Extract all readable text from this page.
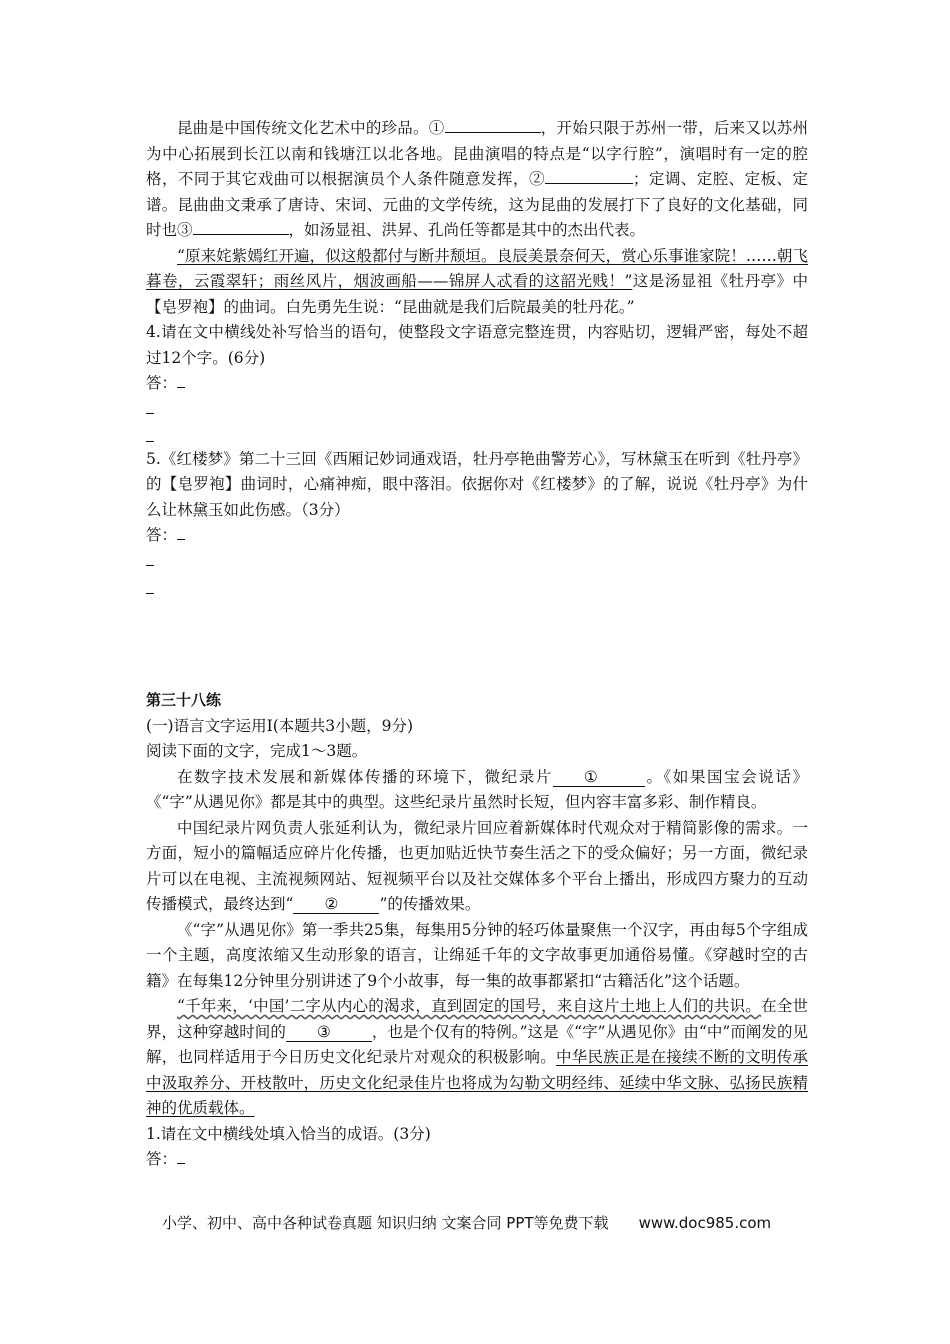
昆曲是中国传统文化艺术中的珍品。①	，开始只限于苏州一带，后来又以苏州为中心拓展到长江以南和钱塘江以北各地。昆曲演唱的特点是“以字行腔”，演唱时有一定的腔格，不同于其它戏曲可以根据演员个人条件随意发挥，②	；定调、定腔、定板、定谱。昆曲曲文秉承了唐诗、宋词、元曲的文学传统，这为昆曲的发展打下了良好的文化基础，同时也③	，如汤显祖、洪昇、孔尚任等都是其中的杰出代表。

“原来姹紫嫣红开遍，似这般都付与断井颓垣。良辰美景奈何天，赏心乐事谁家院！……朝飞暮卷，云霞翠轩；雨丝风片，烟波画船——锦屏人忒看的这韶光贱！”这是汤显祖《牡丹亭》中【皂罗袍】的曲词。白先勇先生说：“昆曲就是我们后院最美的牡丹花。”

4.请在文中横线处补写恰当的语句，使整段文字语意完整连贯，内容贴切，逻辑严密，每处不超过12个字。(6分)

答：

5.《红楼梦》第二十三回《西厢记妙词通戏语，牡丹亭艳曲警芳心》，写林黛玉在听到《牡丹亭》的【皂罗袍】曲词时，心痛神痴，眼中落泪。依据你对《红楼梦》的了解，说说《牡丹亭》为什么让林黛玉如此伤感。（3分）

答：

第三十八练

(一)语言文字运用Ⅰ(本题共3小题，9分)

阅读下面的文字，完成1～3题。

在数字技术发展和新媒体传播的环境下，微纪录片 ①	。《如果国宝会说话》《“字”从遇见你》都是其中的典型。这些纪录片虽然时长短，但内容丰富多彩、制作精良。

中国纪录片网负责人张延利认为，微纪录片回应着新媒体时代观众对于精简影像的需求。一方面，短小的篇幅适应碎片化传播，也更加贴近快节奏生活之下的受众偏好；另一方面，微纪录片可以在电视、主流视频网站、短视频平台以及社交媒体多个平台上播出，形成四方聚力的互动传播模式，最终达到“ ②	”的传播效果。

《“字”从遇见你》第一季共25集，每集用5分钟的轻巧体量聚焦一个汉字，再由每5个字组成一个主题，高度浓缩又生动形象的语言，让绵延千年的文字故事更加通俗易懂。《穿越时空的古籍》在每集12分钟里分别讲述了9个小故事，每一集的故事都紧扣“古籍活化”这个话题。

“千年来，‘中国’二字从内心的渴求，直到固定的国号，来自这片土地上人们的共识。在全世界，这种穿越时间的 ③	，也是个仅有的特例。”这是《“字”从遇见你》由“中”而阐发的见解，也同样适用于今日历史文化纪录片对观众的积极影响。中华民族正是在接续不断的文明传承中汲取养分、开枝散叶，历史文化纪录佳片也将成为勾勒文明经纬、延续中华文脉、弘扬民族精神的优质载体。

1.请在文中横线处填入恰当的成语。(3分)

答：

小学、初中、高中各种试卷真题 知识归纳 文案合同 PPT等免费下载 www.doc985.com
